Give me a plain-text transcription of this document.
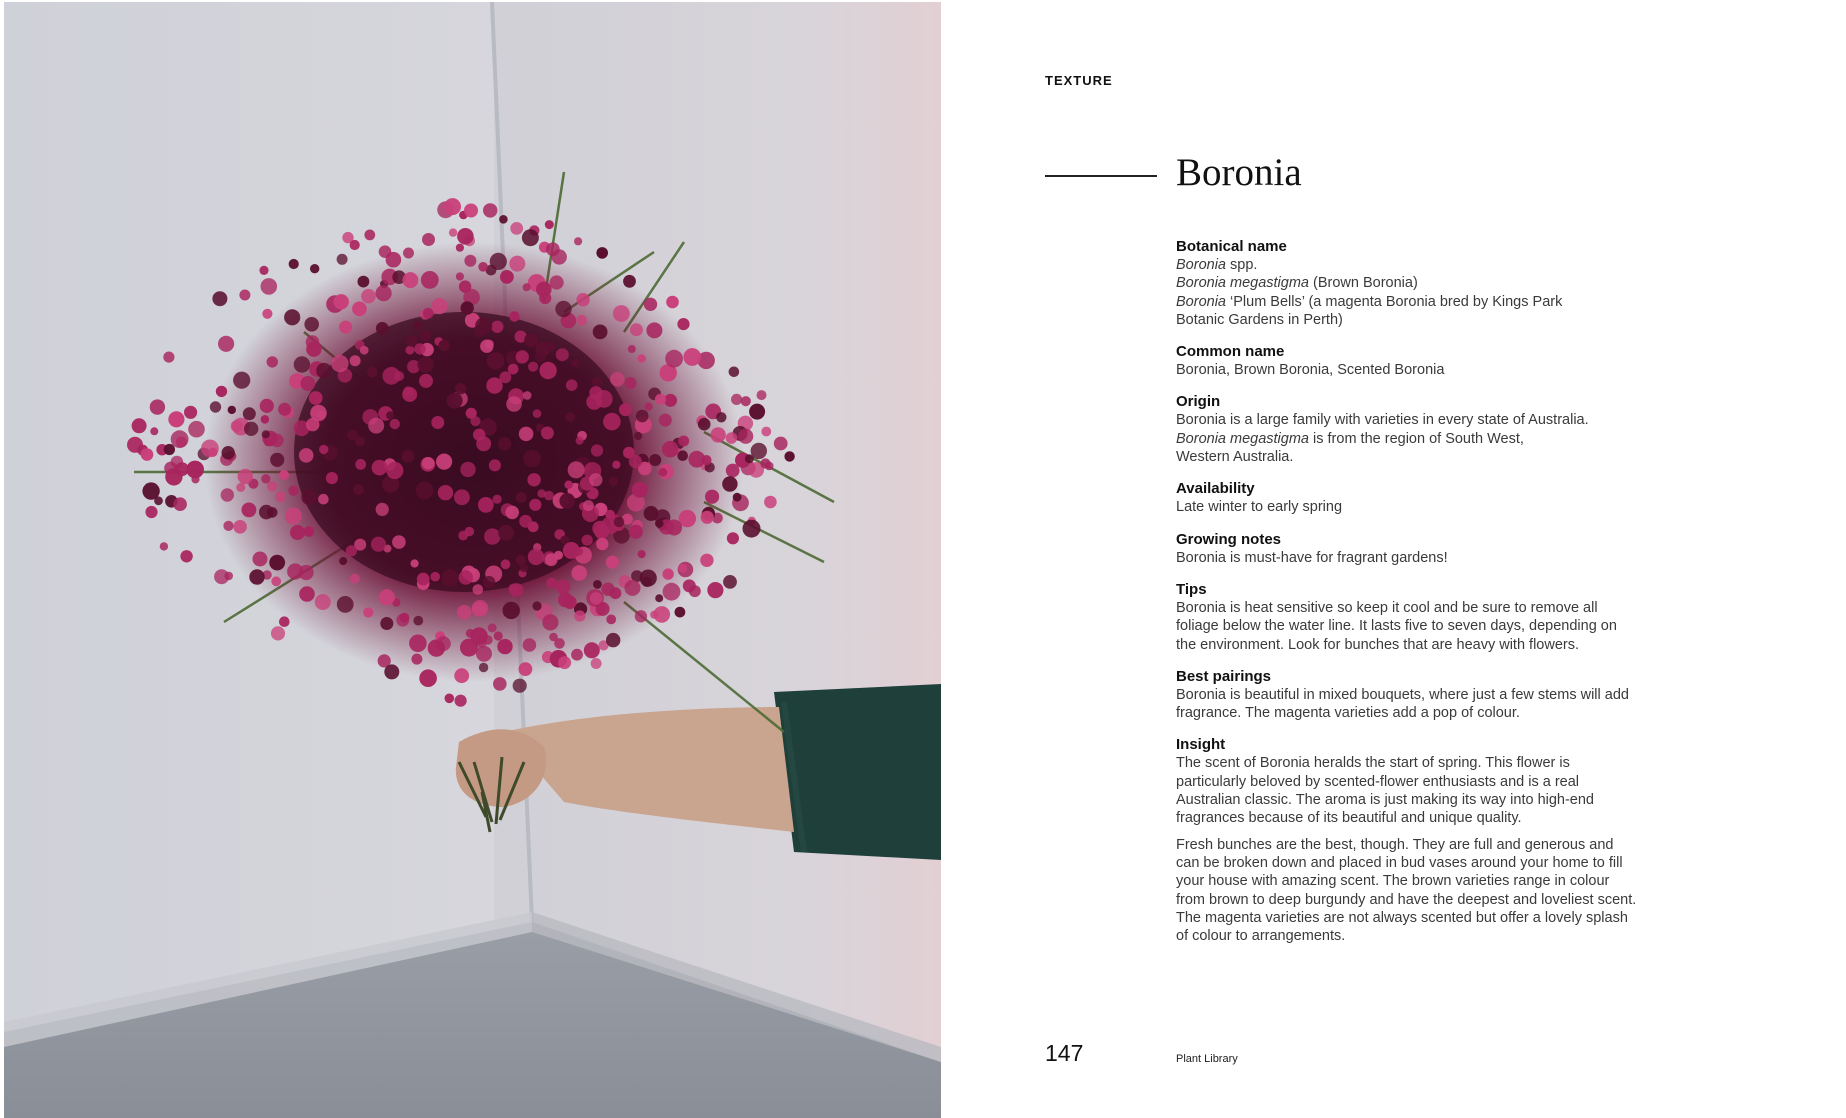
TEXTURE
Boronia
Botanical name

Boronia spp.
Boronia megastigma (Brown Boronia)
Boronia ‘Plum Bells’ (a magenta Boronia bred by Kings Park
Botanic Gardens in Perth)

Common name

Boronia, Brown Boronia, Scented Boronia

Origin

Boronia is a large family with varieties in every state of Australia.
Boronia megastigma is from the region of South West,
Western Australia.

Availability

Late winter to early spring

Growing notes

Boronia is must-have for fragrant gardens!

Tips

Boronia is heat sensitive so keep it cool and be sure to remove all
foliage below the water line. It lasts five to seven days, depending on
the environment. Look for bunches that are heavy with flowers.

Best pairings

Boronia is beautiful in mixed bouquets, where just a few stems will add
fragrance. The magenta varieties add a pop of colour.

Insight

The scent of Boronia heralds the start of spring. This flower is
particularly beloved by scented-flower enthusiasts and is a real
Australian classic. The aroma is just making its way into high-end
fragrances because of its beautiful and unique quality.

Fresh bunches are the best, though. They are full and generous and
can be broken down and placed in bud vases around your home to fill
your house with amazing scent. The brown varieties range in colour
from brown to deep burgundy and have the deepest and loveliest scent.
The magenta varieties are not always scented but offer a lovely splash
of colour to arrangements.

147	Plant Library
